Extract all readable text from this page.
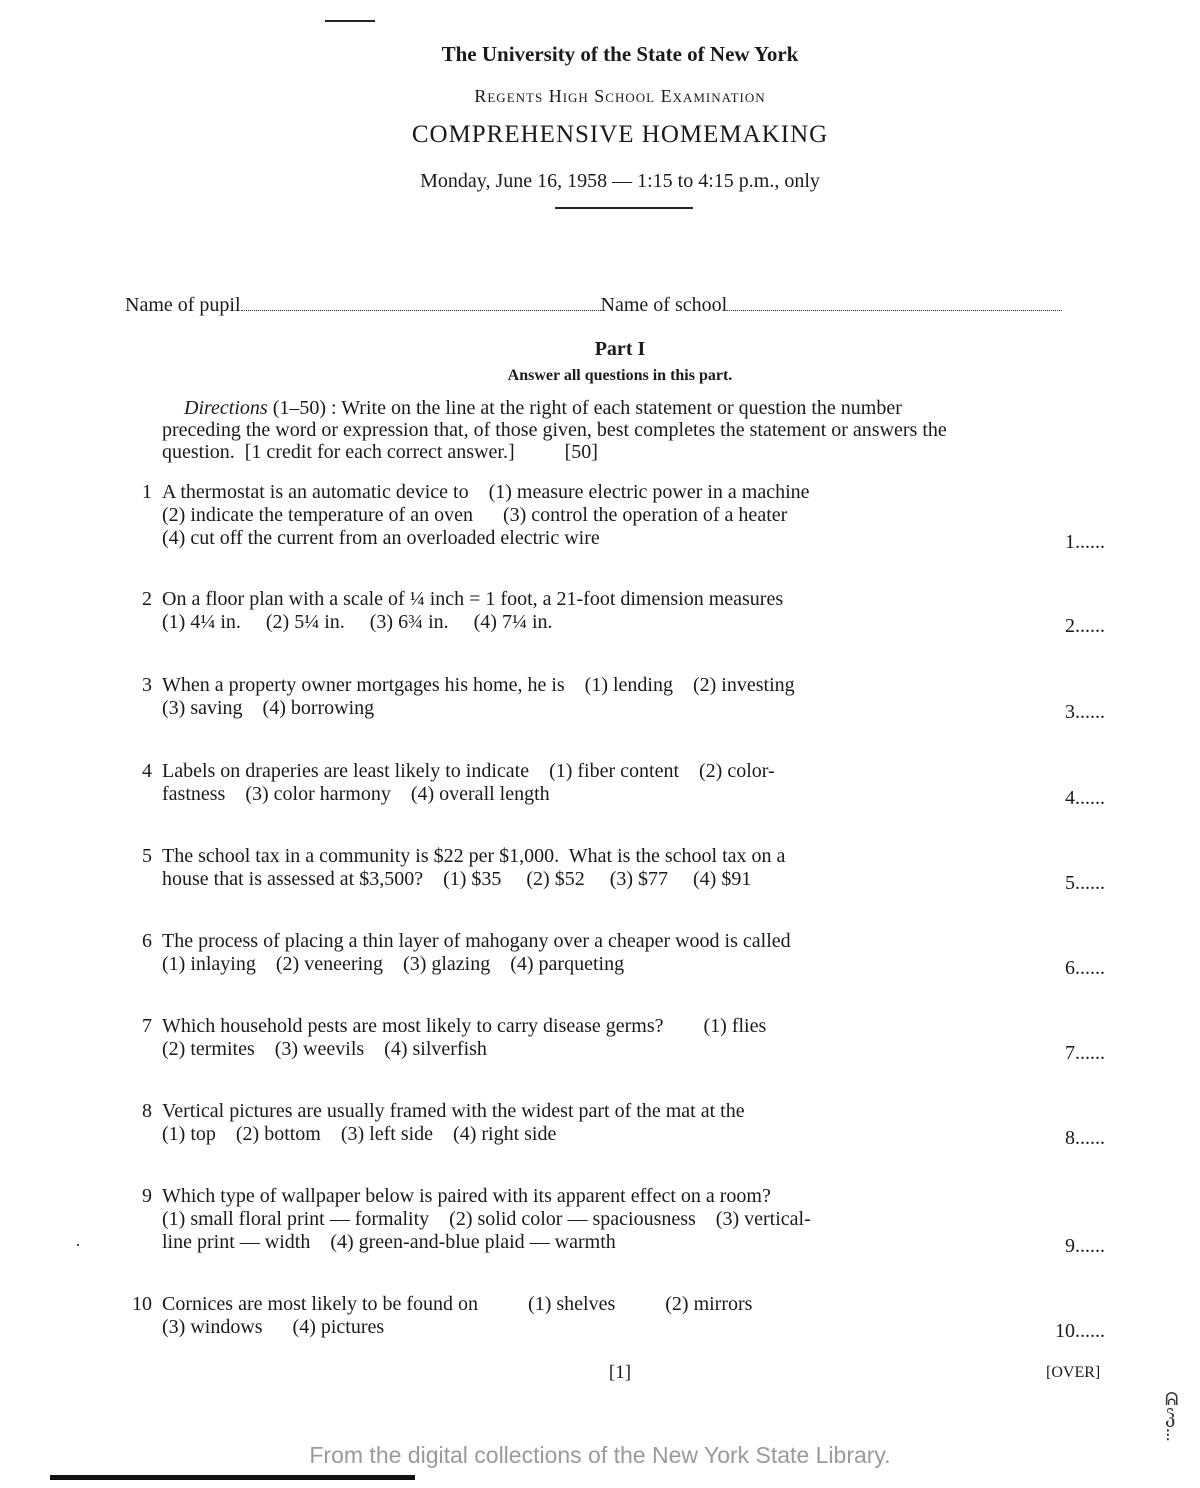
The University of the State of New York
Regents High School Examination
COMPREHENSIVE HOMEMAKING
Monday, June 16, 1958 — 1:15 to 4:15 p.m., only
Name of pupil	Name of school
Part I
Answer all questions in this part.
Directions (1–50) : Write on the line at the right of each statement or question the number
preceding the word or expression that, of those given, best completes the statement or answers the
question.  [1 credit for each correct answer.]          [50]
1 A thermostat is an automatic device to    (1) measure electric power in a machine
(2) indicate the temperature of an oven      (3) control the operation of a heater
(4) cut off the current from an overloaded electric wire	1......
2 On a floor plan with a scale of ¼ inch = 1 foot, a 21-foot dimension measures
(1) 4¼ in.     (2) 5¼ in.     (3) 6¾ in.     (4) 7¼ in.	2......
3 When a property owner mortgages his home, he is    (1) lending    (2) investing
(3) saving    (4) borrowing	3......
4 Labels on draperies are least likely to indicate    (1) fiber content    (2) color-
fastness    (3) color harmony    (4) overall length	4......
5 The school tax in a community is $22 per $1,000.  What is the school tax on a
house that is assessed at $3,500?    (1) $35     (2) $52     (3) $77     (4) $91	5......
6 The process of placing a thin layer of mahogany over a cheaper wood is called
(1) inlaying    (2) veneering    (3) glazing    (4) parqueting	6......
7 Which household pests are most likely to carry disease germs?        (1) flies
(2) termites    (3) weevils    (4) silverfish	7......
8 Vertical pictures are usually framed with the widest part of the mat at the
(1) top    (2) bottom    (3) left side    (4) right side	8......
9 Which type of wallpaper below is paired with its apparent effect on a room?
(1) small floral print — formality    (2) solid color — spaciousness    (3) vertical-
line print — width    (4) green-and-blue plaid — warmth	9......
10 Cornices are most likely to be found on          (1) shelves          (2) mirrors
(3) windows      (4) pictures	10......
[1]	[OVER]
·
ᕱ
ჴ
⁝
From the digital collections of the New York State Library.
